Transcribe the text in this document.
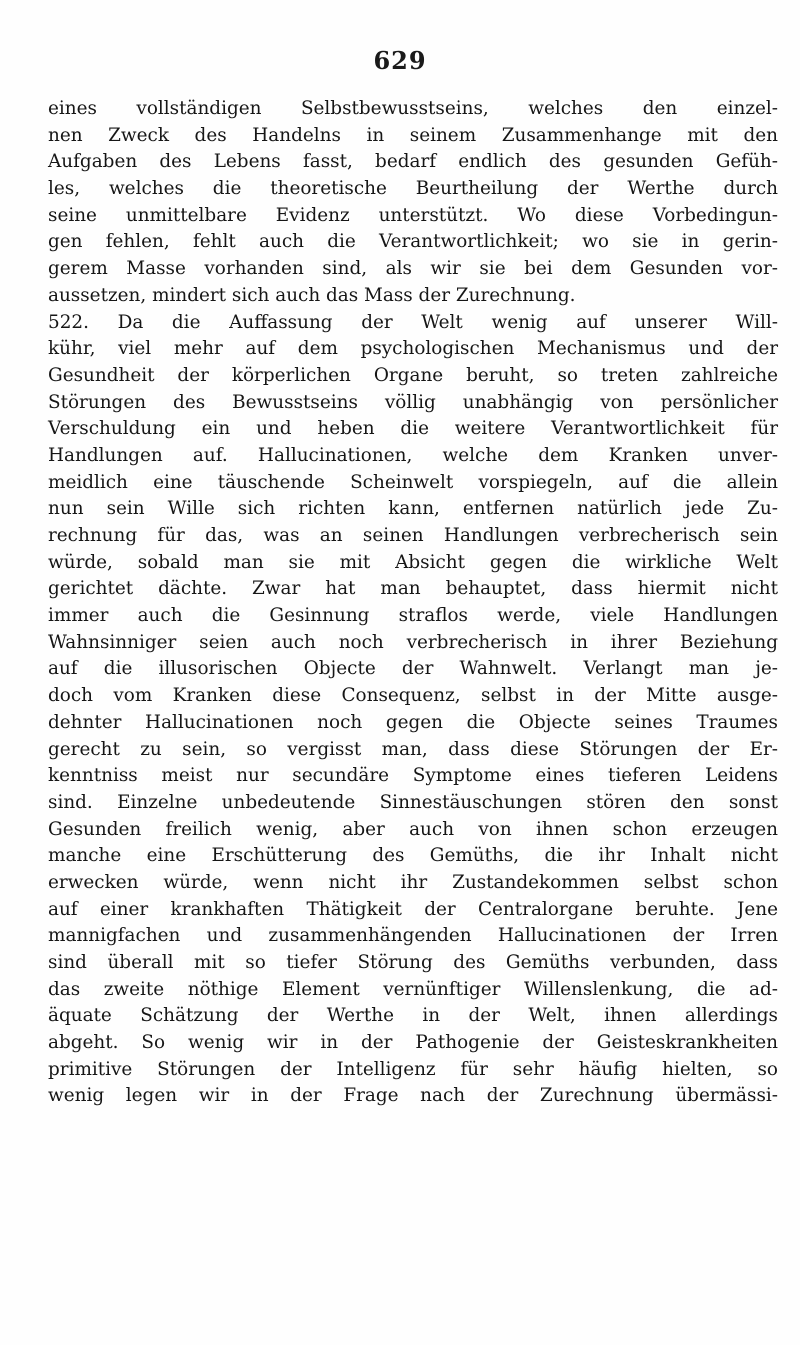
629
eines vollständigen Selbstbewusstseins, welches den einzel-
nen Zweck des Handelns in seinem Zusammenhange mit den
Aufgaben des Lebens fasst, bedarf endlich des gesunden Gefüh-
les, welches die theoretische Beurtheilung der Werthe durch
seine unmittelbare Evidenz unterstützt. Wo diese Vorbedingun-
gen fehlen, fehlt auch die Verantwortlichkeit; wo sie in gerin-
gerem Masse vorhanden sind, als wir sie bei dem Gesunden vor-
aussetzen, mindert sich auch das Mass der Zurechnung.
522. Da die Auffassung der Welt wenig auf unserer Will-
kühr, viel mehr auf dem psychologischen Mechanismus und der
Gesundheit der körperlichen Organe beruht, so treten zahlreiche
Störungen des Bewusstseins völlig unabhängig von persönlicher
Verschuldung ein und heben die weitere Verantwortlichkeit für
Handlungen auf. Hallucinationen, welche dem Kranken unver-
meidlich eine täuschende Scheinwelt vorspiegeln, auf die allein
nun sein Wille sich richten kann, entfernen natürlich jede Zu-
rechnung für das, was an seinen Handlungen verbrecherisch sein
würde, sobald man sie mit Absicht gegen die wirkliche Welt
gerichtet dächte. Zwar hat man behauptet, dass hiermit nicht
immer auch die Gesinnung straflos werde, viele Handlungen
Wahnsinniger seien auch noch verbrecherisch in ihrer Beziehung
auf die illusorischen Objecte der Wahnwelt. Verlangt man je-
doch vom Kranken diese Consequenz, selbst in der Mitte ausge-
dehnter Hallucinationen noch gegen die Objecte seines Traumes
gerecht zu sein, so vergisst man, dass diese Störungen der Er-
kenntniss meist nur secundäre Symptome eines tieferen Leidens
sind. Einzelne unbedeutende Sinnestäuschungen stören den sonst
Gesunden freilich wenig, aber auch von ihnen schon erzeugen
manche eine Erschütterung des Gemüths, die ihr Inhalt nicht
erwecken würde, wenn nicht ihr Zustandekommen selbst schon
auf einer krankhaften Thätigkeit der Centralorgane beruhte. Jene
mannigfachen und zusammenhängenden Hallucinationen der Irren
sind überall mit so tiefer Störung des Gemüths verbunden, dass
das zweite nöthige Element vernünftiger Willenslenkung, die ad-
äquate Schätzung der Werthe in der Welt, ihnen allerdings
abgeht. So wenig wir in der Pathogenie der Geisteskrankheiten
primitive Störungen der Intelligenz für sehr häufig hielten, so
wenig legen wir in der Frage nach der Zurechnung übermässi-
